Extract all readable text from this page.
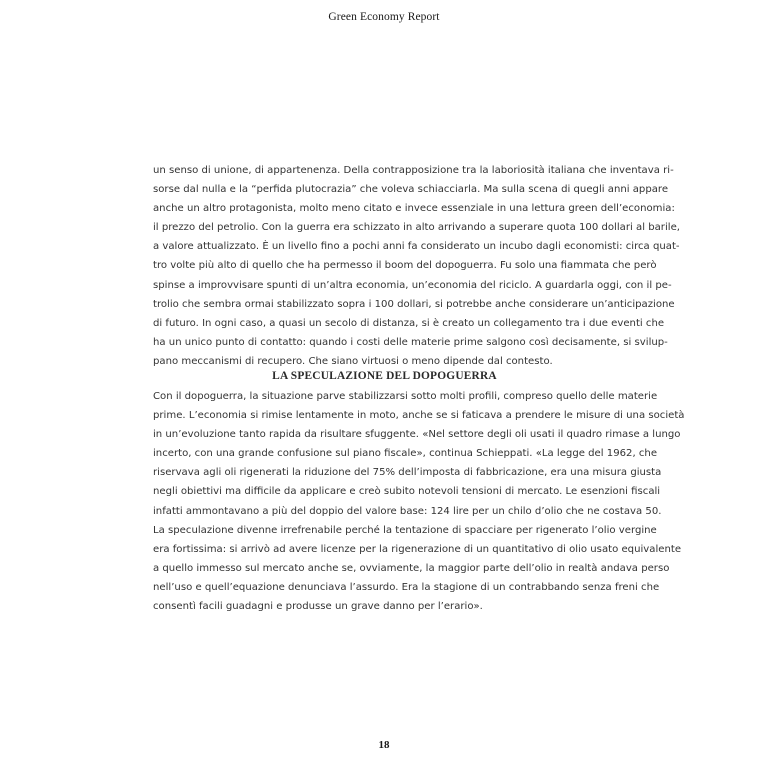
Green Economy Report
un senso di unione, di appartenenza. Della contrapposizione tra la laboriosità italiana che inventava ri-
sorse dal nulla e la “perfida plutocrazia” che voleva schiacciarla. Ma sulla scena di quegli anni appare
anche un altro protagonista, molto meno citato e invece essenziale in una lettura green dell’economia:
il prezzo del petrolio. Con la guerra era schizzato in alto arrivando a superare quota 100 dollari al barile,
a valore attualizzato. È un livello fino a pochi anni fa considerato un incubo dagli economisti: circa quat-
tro volte più alto di quello che ha permesso il boom del dopoguerra. Fu solo una fiammata che però
spinse a improvvisare spunti di un’altra economia, un’economia del riciclo. A guardarla oggi, con il pe-
trolio che sembra ormai stabilizzato sopra i 100 dollari, si potrebbe anche considerare un’anticipazione
di futuro. In ogni caso, a quasi un secolo di distanza, si è creato un collegamento tra i due eventi che
ha un unico punto di contatto: quando i costi delle materie prime salgono così decisamente, si svilup-
pano meccanismi di recupero. Che siano virtuosi o meno dipende dal contesto.
LA SPECULAZIONE DEL DOPOGUERRA
Con il dopoguerra, la situazione parve stabilizzarsi sotto molti profili, compreso quello delle materie
prime. L’economia si rimise lentamente in moto, anche se si faticava a prendere le misure di una società
in un’evoluzione tanto rapida da risultare sfuggente. «Nel settore degli oli usati il quadro rimase a lungo
incerto, con una grande confusione sul piano fiscale», continua Schieppati. «La legge del 1962, che
riservava agli oli rigenerati la riduzione del 75% dell’imposta di fabbricazione, era una misura giusta
negli obiettivi ma difficile da applicare e creò subito notevoli tensioni di mercato. Le esenzioni fiscali
infatti ammontavano a più del doppio del valore base: 124 lire per un chilo d’olio che ne costava 50.
La speculazione divenne irrefrenabile perché la tentazione di spacciare per rigenerato l’olio vergine
era fortissima: si arrivò ad avere licenze per la rigenerazione di un quantitativo di olio usato equivalente
a quello immesso sul mercato anche se, ovviamente, la maggior parte dell’olio in realtà andava perso
nell’uso e quell’equazione denunciava l’assurdo. Era la stagione di un contrabbando senza freni che
consentì facili guadagni e produsse un grave danno per l’erario».
18
